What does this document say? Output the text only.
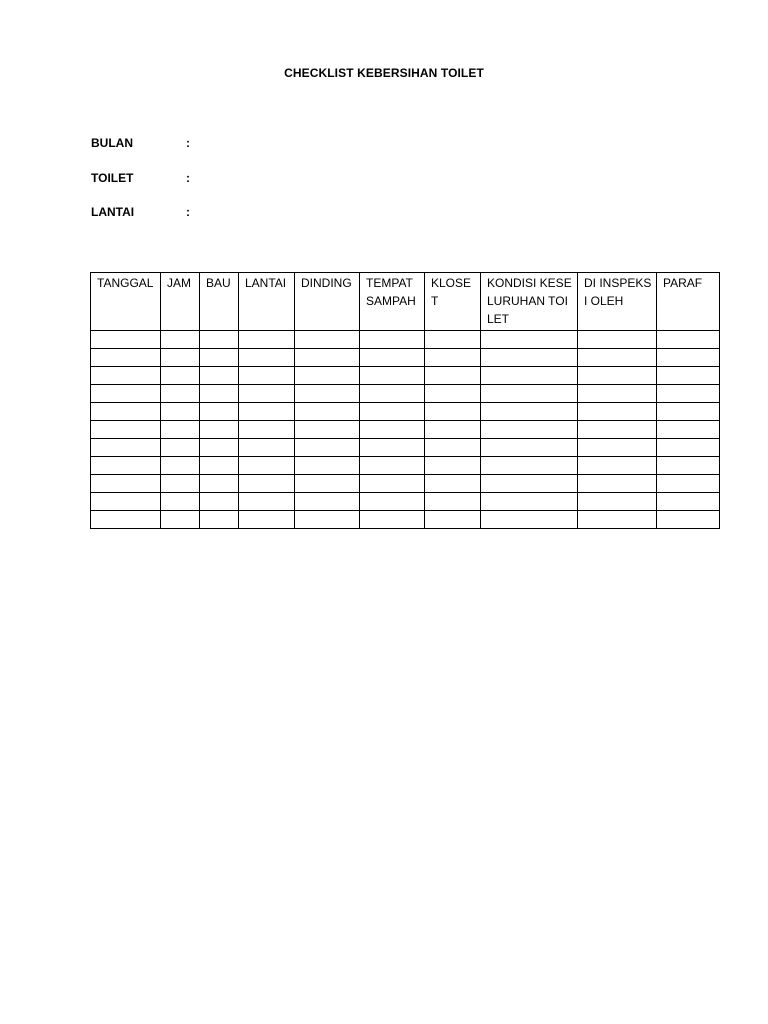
CHECKLIST KEBERSIHAN TOILET
BULAN	:
TOILET	:
LANTAI	:
TANGGAL	JAM	BAU	LANTAI	DINDING	TEMPAT SAMPAH	KLOSET	KONDISI KESELURUHAN TOILET	DI INSPEKSI OLEH	PARAF
